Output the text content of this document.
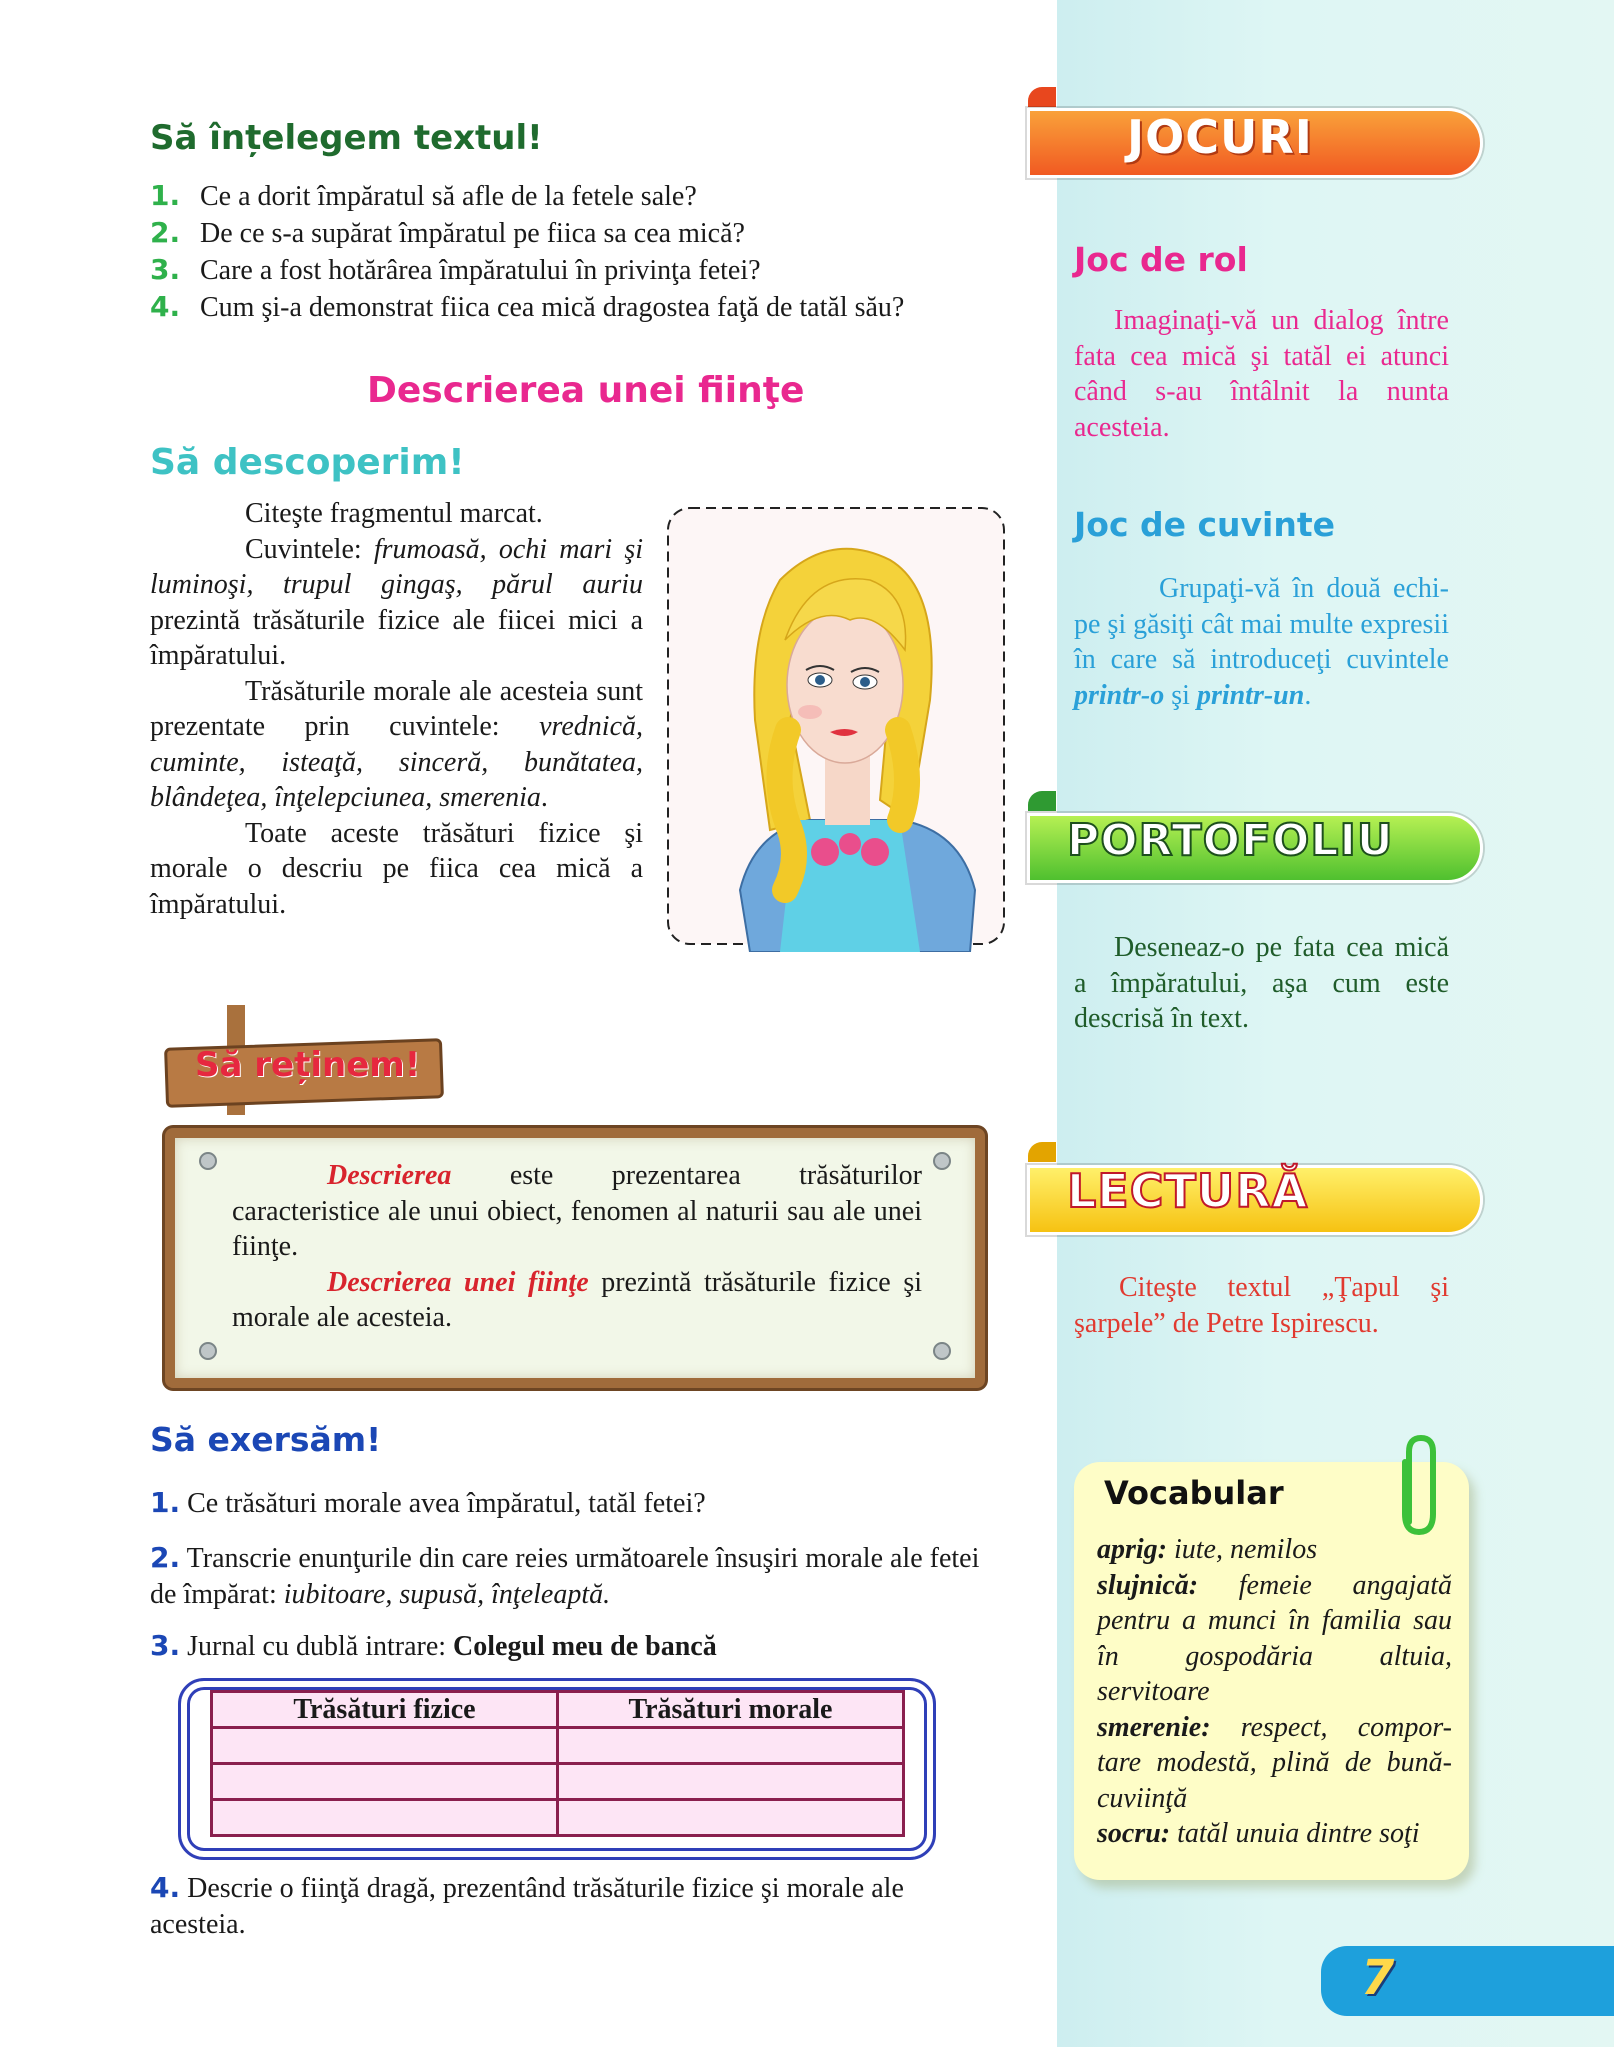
Să înțelegem textul!
1. Ce a dorit împăratul să afle de la fetele sale?
2. De ce s-a supărat împăratul pe fiica sa cea mică?
3. Care a fost hotărârea împăratului în privinţa fetei?
4. Cum şi-a demonstrat fiica cea mică dragostea faţă de tatăl său?
Descrierea unei fiinţe
Să descoperim!

Citeşte fragmentul marcat.

Cuvintele: frumoasă, ochi mari şi luminoşi, trupul gingaş, părul auriu prezintă trăsăturile fizice ale fiicei mici a împăratului.

Trăsăturile morale ale acesteia sunt prezentate prin cuvintele: vrednică, cuminte, isteaţă, sinceră, bunătatea, blândeţea, înţelepciunea, smerenia.

Toate aceste trăsături fizice şi morale o descriu pe fiica cea mică a împăratului.

Să reținem!

Descrierea este prezentarea trăsăturilor caracteristice ale unui obiect, fenomen al naturii sau ale unei fiinţe.

Descrierea unei fiinţe prezintă trăsăturile fizice şi morale ale acesteia.

Să exersăm!
1. Ce trăsături morale avea împăratul, tatăl fetei?
2. Transcrie enunţurile din care reies următoarele însuşiri morale ale fetei de împărat: iubitoare, supusă, înţeleaptă.
3. Jurnal cu dublă intrare: Colegul meu de bancă
Trăsături fizice	Trăsături morale

4. Descrie o fiinţă dragă, prezentând trăsăturile fizice şi morale ale acesteia.
JOCURI
Joc de rol

Imaginaţi-vă un dialog între fata cea mică şi tatăl ei atunci când s-au întâlnit la nunta acesteia.

Joc de cuvinte

Grupaţi-vă în două echi- pe şi găsiţi cât mai multe expresii în care să introduceţi cuvintele printr-o şi printr-un.

PORTOFOLIU

Deseneaz-o pe fata cea mică a împăratului, aşa cum este descrisă în text.

LECTURĂ

Citeşte textul „Ţapul şi şarpele” de Petre Ispirescu.

Vocabular

aprig: iute, nemilos

slujnică: femeie angajată pentru a munci în familia sau în gospodăria altuia, servitoare

smerenie: respect, compor- tare modestă, plină de bună-cuviinţă

socru: tatăl unuia dintre soţi

7
